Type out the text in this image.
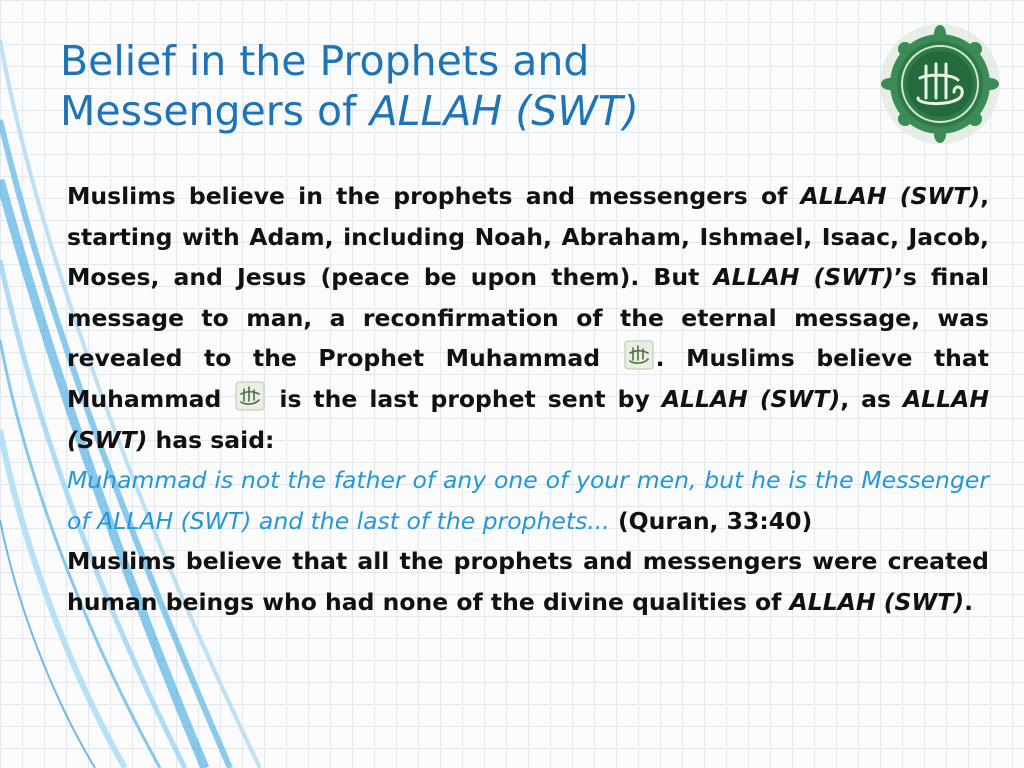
Belief in the Prophets and
Messengers of ALLAH (SWT)

Muslims believe in the prophets and messengers of ALLAH (SWT), starting with Adam, including Noah, Abraham, Ishmael, Isaac, Jacob, Moses, and Jesus (peace be upon them). But ALLAH (SWT)’s final message to man, a reconfirmation of the eternal message, was revealed to the Prophet Muhammad . Muslims believe that Muhammad  is the last prophet sent by ALLAH (SWT), as ALLAH (SWT) has said:

Muhammad is not the father of any one of your men, but he is the Messenger of ALLAH (SWT) and the last of the prophets... (Quran, 33:40)

Muslims believe that all the prophets and messengers were created human beings who had none of the divine qualities of ALLAH (SWT).
